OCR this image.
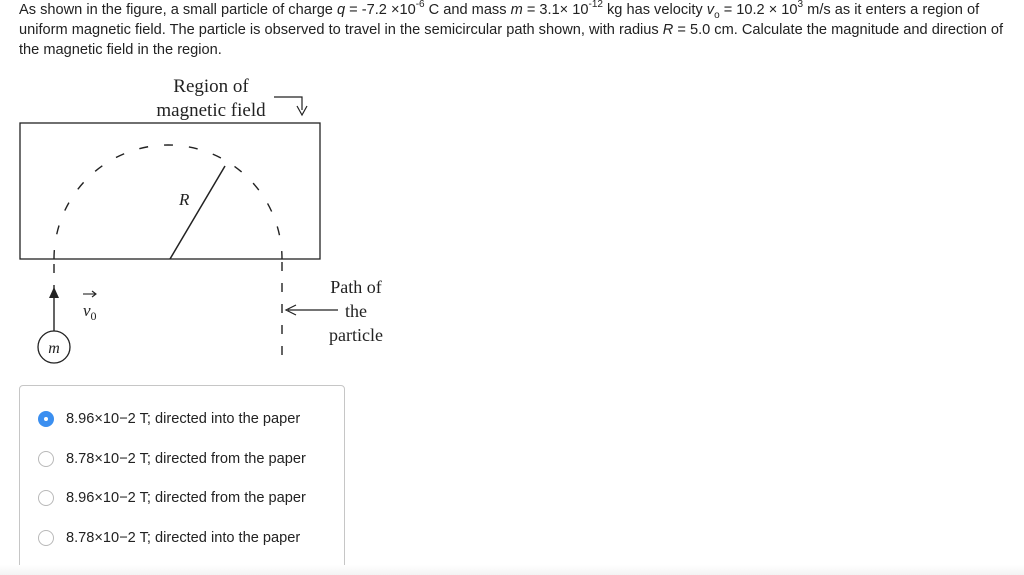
As shown in the figure, a small particle of charge $q = -7.2 \times 10^{-6}$ C and mass $m = 3.1\times 10^{-12}$ kg has velocity $v_o = 10.2 \times 10^3$ m/s as it enters a region of uniform magnetic field. The particle is observed to travel in the semicircular path shown, with radius R = 5.0 cm. Calculate the magnitude and direction of the magnetic field in the region.
Region of
magnetic field
R
$v_0$
m
Path of
the
particle
8.96×10−2 T; directed into the paper
8.78×10−2 T; directed from the paper
8.96×10−2 T; directed from the paper
8.78×10−2 T; directed into the paper
